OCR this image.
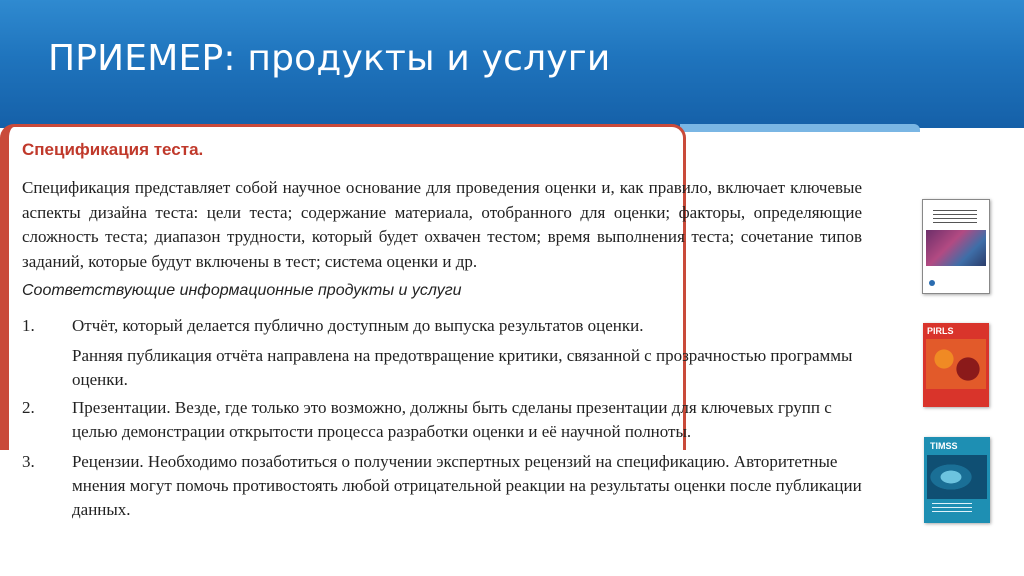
ПРИЕМЕР: продукты и услуги

Спецификация теста.

Спецификация представляет собой научное основание для проведения оценки и, как правило, включает ключевые аспекты дизайна теста: цели теста; содержание материала, отобранного для оценки; факторы, определяющие сложность теста; диапазон трудности, который будет охвачен тестом; время выполнения теста; сочетание типов заданий, которые будут включены в тест; система оценки и др.

Соответствующие информационные продукты и услуги

1. Отчёт, который делается публично доступным до выпуска результатов оценки.

Ранняя публикация отчёта направлена на предотвращение критики, связанной с прозрачностью программы оценки.

2. Презентации. Везде, где только это возможно, должны быть сделаны презентации для ключевых групп с целью демонстрации открытости процесса разработки оценки и её научной полноты.
3. Рецензии. Необходимо позаботиться о получении экспертных рецензий на спецификацию. Авторитетные мнения могут помочь противостоять любой отрицательной реакции на результаты оценки после публикации данных.
PIRLS
TIMSS
